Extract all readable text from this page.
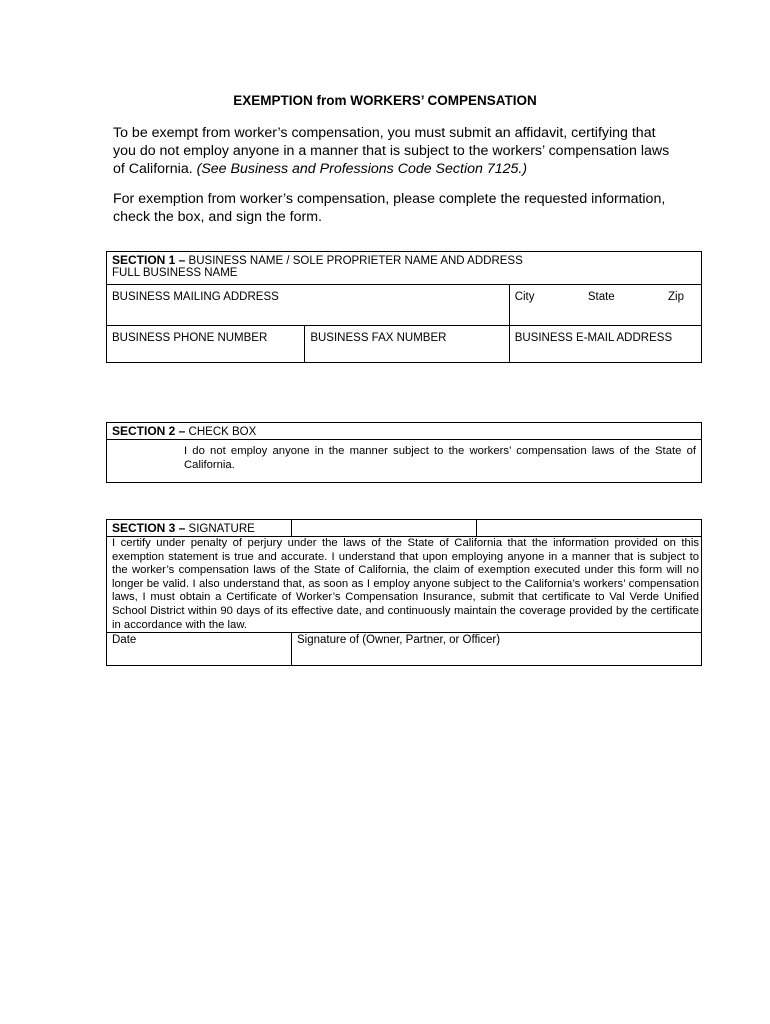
EXEMPTION from WORKERS’ COMPENSATION
To be exempt from worker’s compensation, you must submit an affidavit, certifying that you do not employ anyone in a manner that is subject to the workers’ compensation laws of California. (See Business and Professions Code Section 7125.)
For exemption from worker’s compensation, please complete the requested information, check the box, and sign the form.
SECTION 1 – BUSINESS NAME / SOLE PROPRIETER NAME AND ADDRESS
FULL BUSINESS NAME		

BUSINESS MAILING ADDRESS		City State Zip

BUSINESS PHONE NUMBER	BUSINESS FAX NUMBER	BUSINESS E-MAIL ADDRESS
SECTION 2 – CHECK BOX

I do not employ anyone in the manner subject to the workers’ compensation laws of the State of California.
SECTION 3 – SIGNATURE		

I certify under penalty of perjury under the laws of the State of California that the information provided on this exemption statement is true and accurate. I understand that upon employing anyone in a manner that is subject to the worker’s compensation laws of the State of California, the claim of exemption executed under this form will no longer be valid. I also understand that, as soon as I employ anyone subject to the California’s workers’ compensation laws, I must obtain a Certificate of Worker’s Compensation Insurance, submit that certificate to Val Verde Unified School District within 90 days of its effective date, and continuously maintain the coverage provided by the certificate in accordance with the law.		

Date	Signature of (Owner, Partner, or Officer)	
